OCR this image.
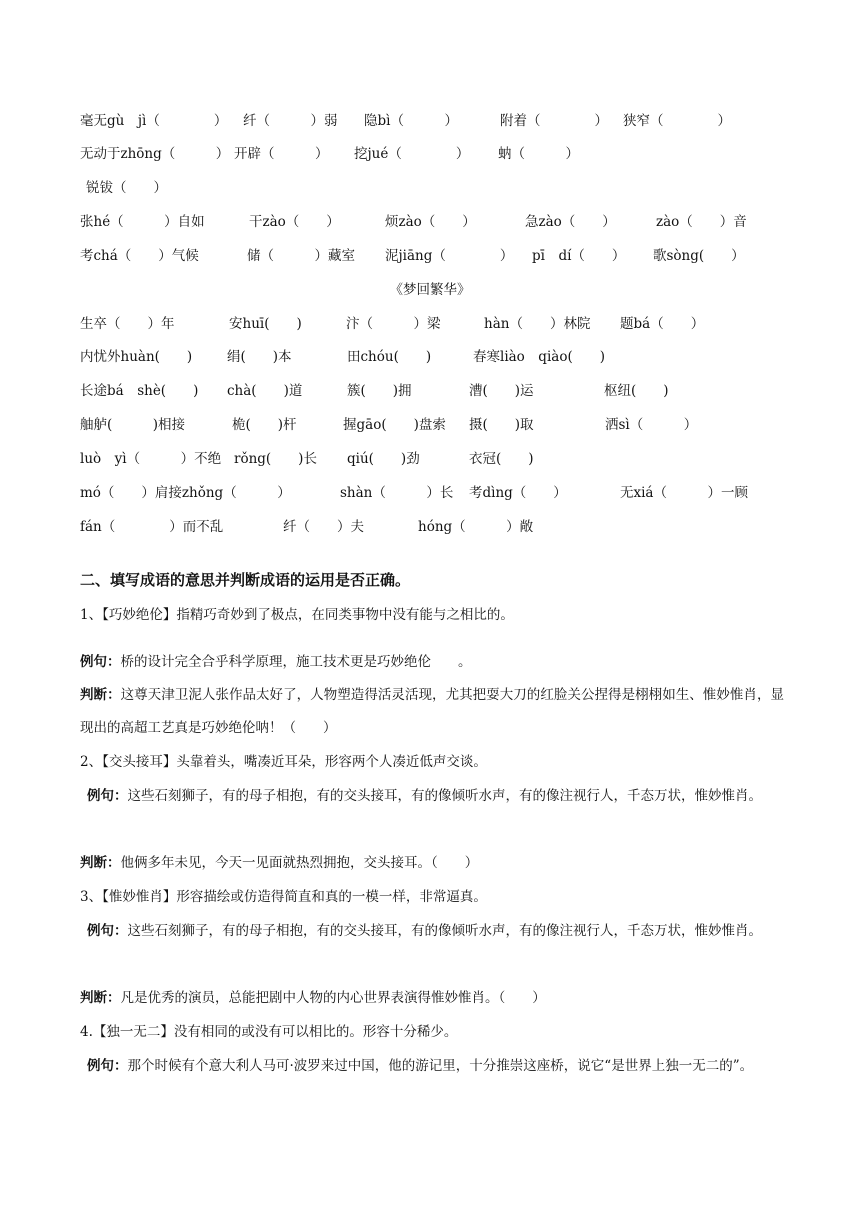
毫无gù　jì（　　　　） 纤（　　　）弱 隐bì（　　　）	附着（　　　　） 狭窄（　　　　）
无动于zhōng（　　　） 开辟（　　　） 挖jué（　　　　） 蚋（　　　）
锐钹（　　）
张hé（　　　）自如	干zào（　　）	烦zào（　　）	急zào（　　）	zào（　　）音
考chá（　　）气候	储（　　　）藏室 泥jiāng（　　　　） pī　dí（　　） 歌sòng(　　）
《梦回繁华》
生卒（　　）年	安huī(　　)	汴（　　　）梁	hàn（　　）林院 题bá（　　）
内忧外huàn(　　)	绢(　　)本	田chóu(　　)	春寒liào　qiào(　　)
长途bá　shè(　　) chà(　　)道	簇(　　)拥	漕(　　)运	枢纽(　　)
舳舻(　　　)相接	桅(　　)杆	握gāo(　　)盘索 摄(　　)取	洒sì（　　　）
luò　yì（　　　）不绝 rǒng(　　)长 qiú(　　)劲	衣冠(　　)
mó（　　）肩接zhǒng（　　　）	shàn（　　　）长 考dìng（　　）	无xiá（　　　）一顾
fán（　　　　）而不乱	纤（　　）夫	hóng（　　　）敞
二、填写成语的意思并判断成语的运用是否正确。
1、【巧妙绝伦】指精巧奇妙到了极点，在同类事物中没有能与之相比的。
例句：桥的设计完全合乎科学原理，施工技术更是巧妙绝伦　　。
判断：这尊天津卫泥人张作品太好了，人物塑造得活灵活现，尤其把耍大刀的红脸关公捏得是栩栩如生、惟妙惟肖，显现出的高超工艺真是巧妙绝伦呐！（　　）
2、【交头接耳】头靠着头，嘴凑近耳朵，形容两个人凑近低声交谈。
例句：这些石刻狮子，有的母子相抱，有的交头接耳，有的像倾听水声，有的像注视行人，千态万状，惟妙惟肖。
判断：他俩多年未见，今天一见面就热烈拥抱，交头接耳。（　　）
3、【惟妙惟肖】形容描绘或仿造得简直和真的一模一样，非常逼真。
例句：这些石刻狮子，有的母子相抱，有的交头接耳，有的像倾听水声，有的像注视行人，千态万状，惟妙惟肖。
判断：凡是优秀的演员，总能把剧中人物的内心世界表演得惟妙惟肖。（　　）
4.【独一无二】没有相同的或没有可以相比的。形容十分稀少。
例句：那个时候有个意大利人马可·波罗来过中国，他的游记里，十分推崇这座桥，说它“是世界上独一无二的”。
